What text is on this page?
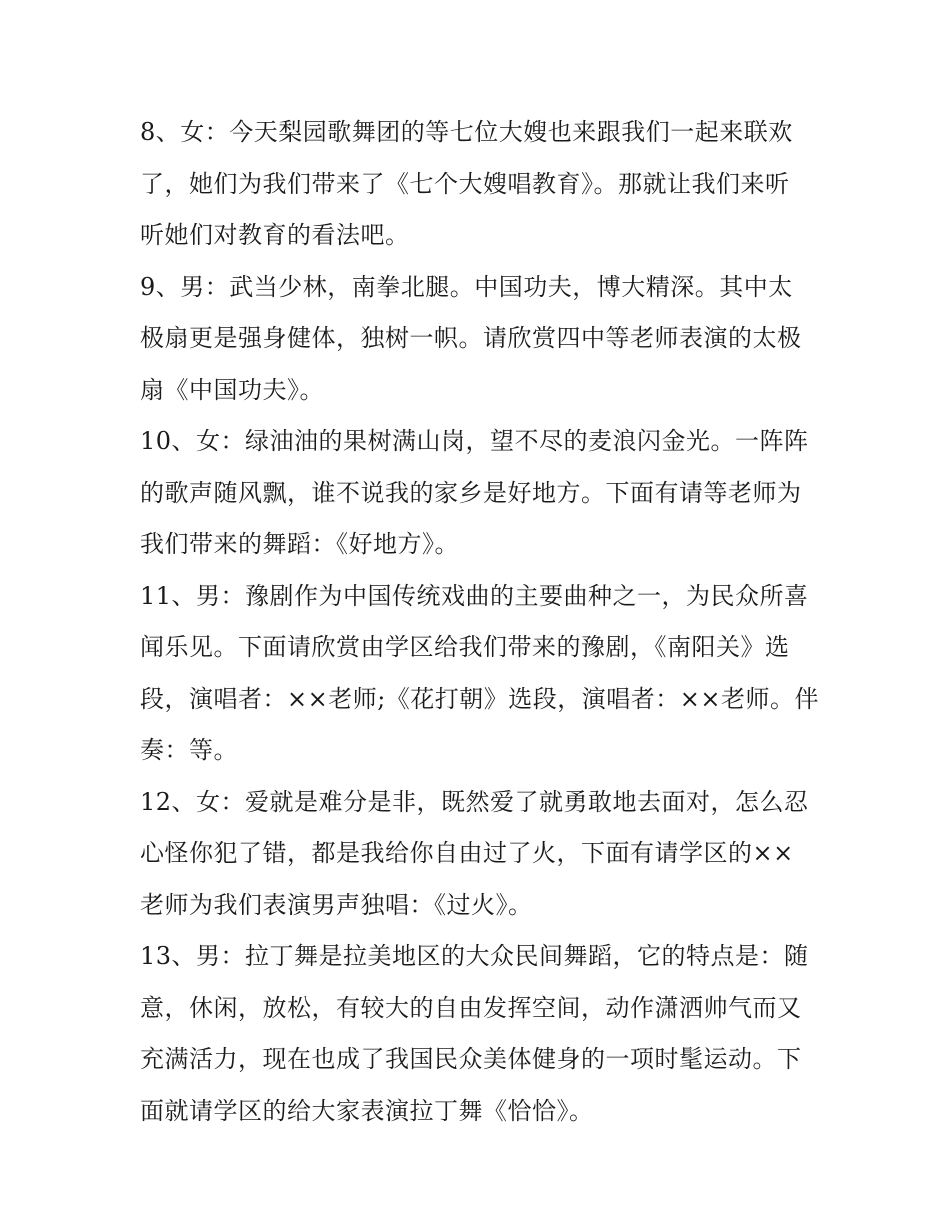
8、女：今天梨园歌舞团的等七位大嫂也来跟我们一起来联欢
了，她们为我们带来了《七个大嫂唱教育》。那就让我们来听
听她们对教育的看法吧。

9、男：武当少林，南拳北腿。中国功夫，博大精深。其中太
极扇更是强身健体，独树一帜。请欣赏四中等老师表演的太极
扇《中国功夫》。

10、女：绿油油的果树满山岗，望不尽的麦浪闪金光。一阵阵
的歌声随风飘，谁不说我的家乡是好地方。下面有请等老师为
我们带来的舞蹈：《好地方》。

11、男：豫剧作为中国传统戏曲的主要曲种之一，为民众所喜
闻乐见。下面请欣赏由学区给我们带来的豫剧，《南阳关》选
段，演唱者：××老师;《花打朝》选段，演唱者：××老师。伴
奏：等。

12、女：爱就是难分是非，既然爱了就勇敢地去面对，怎么忍
心怪你犯了错，都是我给你自由过了火，下面有请学区的××
老师为我们表演男声独唱：《过火》。

13、男：拉丁舞是拉美地区的大众民间舞蹈，它的特点是：随
意，休闲，放松，有较大的自由发挥空间，动作潇洒帅气而又
充满活力，现在也成了我国民众美体健身的一项时髦运动。下
面就请学区的给大家表演拉丁舞《恰恰》。
